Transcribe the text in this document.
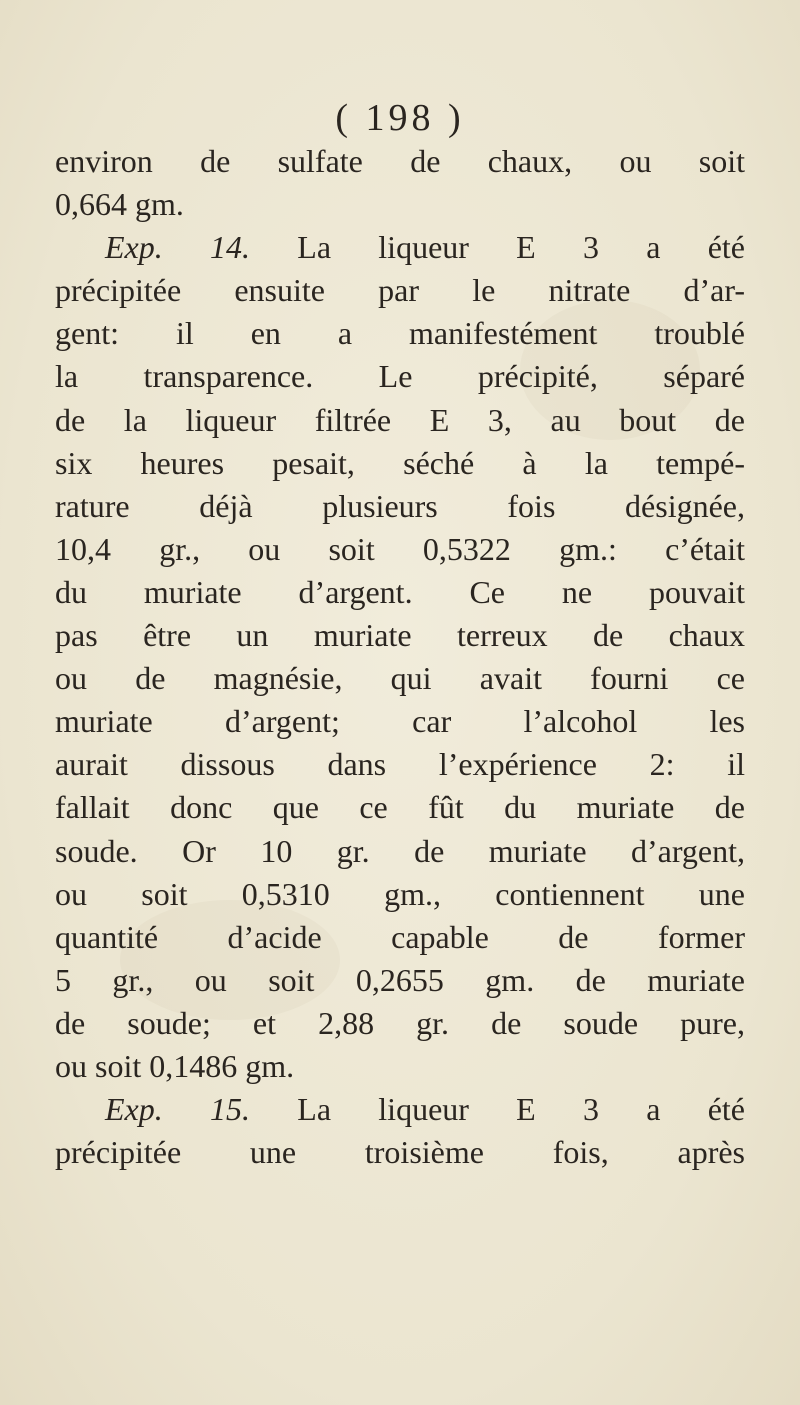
( 198 )
environ de sulfate de chaux, ou soit
0,664 gm.
Exp. 14. La liqueur E 3 a été
précipitée ensuite par le nitrate d’ar-
gent: il en a manifestément troublé
la transparence. Le précipité, séparé
de la liqueur filtrée E 3, au bout de
six heures pesait, séché à la tempé-
rature déjà plusieurs fois désignée,
10,4 gr., ou soit 0,5322 gm.: c’était
du muriate d’argent. Ce ne pouvait
pas être un muriate terreux de chaux
ou de magnésie, qui avait fourni ce
muriate d’argent; car l’alcohol les
aurait dissous dans l’expérience 2: il
fallait donc que ce fût du muriate de
soude. Or 10 gr. de muriate d’argent,
ou soit 0,5310 gm., contiennent une
quantité d’acide capable de former
5 gr., ou soit 0,2655 gm. de muriate
de soude; et 2,88 gr. de soude pure,
ou soit 0,1486 gm.
Exp. 15. La liqueur E 3 a été
précipitée une troisième fois, après
